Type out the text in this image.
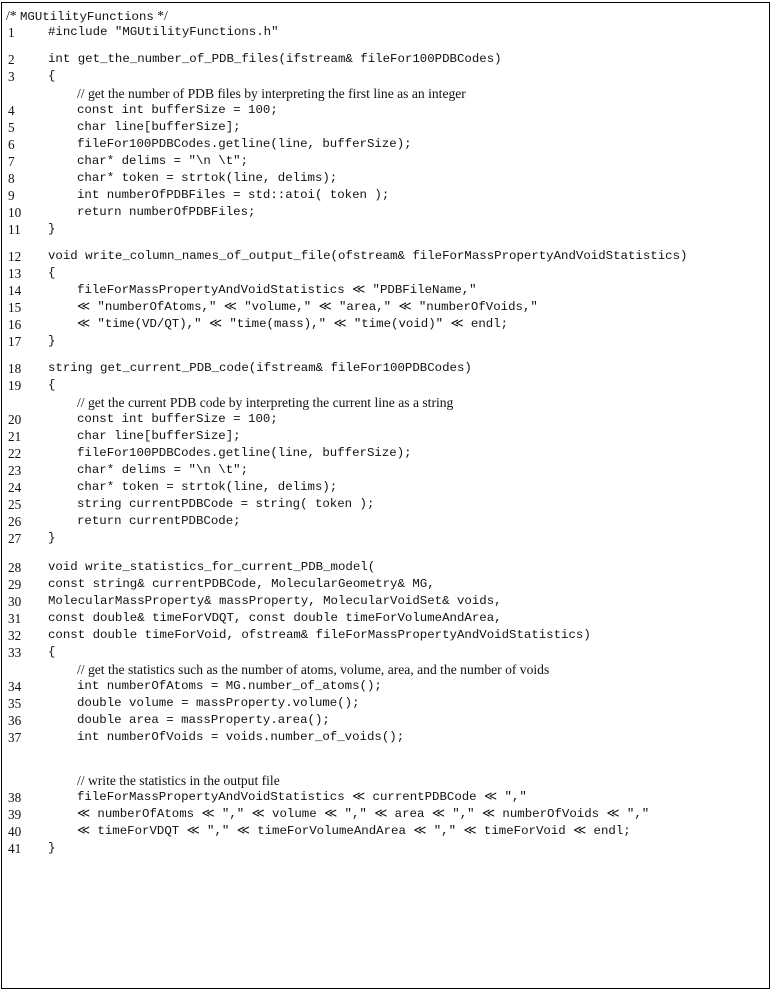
/* MGUtilityFunctions */
1	#include "MGUtilityFunctions.h"
2	int get_the_number_of_PDB_files(ifstream& fileFor100PDBCodes)
3	{
// get the number of PDB files by interpreting the first line as an integer
4	const int bufferSize = 100;
5	char line[bufferSize];
6	fileFor100PDBCodes.getline(line, bufferSize);
7	char* delims = "\n \t";
8	char* token = strtok(line, delims);
9	int numberOfPDBFiles = std::atoi( token );
10	return numberOfPDBFiles;
11	}
12	void write_column_names_of_output_file(ofstream& fileForMassPropertyAndVoidStatistics)
13	{
14	fileForMassPropertyAndVoidStatistics ≪ "PDBFileName,"
15	≪ "numberOfAtoms," ≪ "volume," ≪ "area," ≪ "numberOfVoids,"
16	≪ "time(VD/QT)," ≪ "time(mass)," ≪ "time(void)" ≪ endl;
17	}
18	string get_current_PDB_code(ifstream& fileFor100PDBCodes)
19	{
// get the current PDB code by interpreting the current line as a string
20	const int bufferSize = 100;
21	char line[bufferSize];
22	fileFor100PDBCodes.getline(line, bufferSize);
23	char* delims = "\n \t";
24	char* token = strtok(line, delims);
25	string currentPDBCode = string( token );
26	return currentPDBCode;
27	}
28	void write_statistics_for_current_PDB_model(
29	const string& currentPDBCode, MolecularGeometry& MG,
30	MolecularMassProperty& massProperty, MolecularVoidSet& voids,
31	const double& timeForVDQT, const double timeForVolumeAndArea,
32	const double timeForVoid, ofstream& fileForMassPropertyAndVoidStatistics)
33	{
// get the statistics such as the number of atoms, volume, area, and the number of voids
34	int numberOfAtoms = MG.number_of_atoms();
35	double volume = massProperty.volume();
36	double area = massProperty.area();
37	int numberOfVoids = voids.number_of_voids();
// write the statistics in the output file
38	fileForMassPropertyAndVoidStatistics ≪ currentPDBCode ≪ ","
39	≪ numberOfAtoms ≪ "," ≪ volume ≪ "," ≪ area ≪ "," ≪ numberOfVoids ≪ ","
40	≪ timeForVDQT ≪ "," ≪ timeForVolumeAndArea ≪ "," ≪ timeForVoid ≪ endl;
41	}
